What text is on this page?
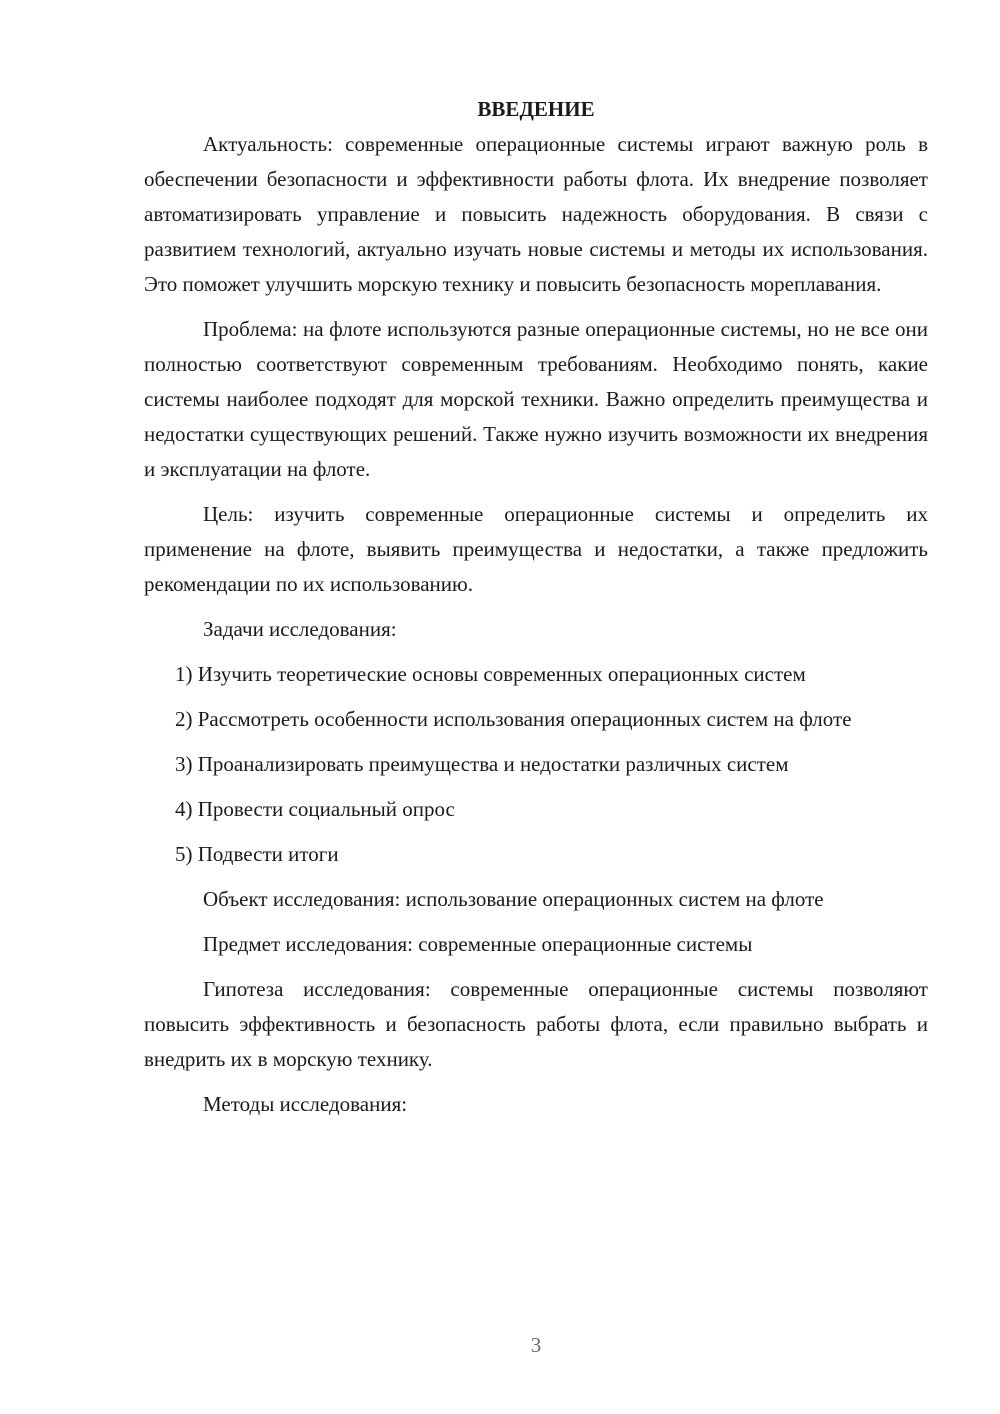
ВВЕДЕНИЕ

Актуальность: современные операционные системы играют важную роль в обеспечении безопасности и эффективности работы флота. Их внедрение позволяет автоматизировать управление и повысить надежность оборудования. В связи с развитием технологий, актуально изучать новые системы и методы их использования. Это поможет улучшить морскую технику и повысить безопасность мореплавания.

Проблема: на флоте используются разные операционные системы, но не все они полностью соответствуют современным требованиям. Необходимо понять, какие системы наиболее подходят для морской техники. Важно определить преимущества и недостатки существующих решений. Также нужно изучить возможности их внедрения и эксплуатации на флоте.

Цель: изучить современные операционные системы и определить их применение на флоте, выявить преимущества и недостатки, а также предложить рекомендации по их использованию.

Задачи исследования:

1) Изучить теоретические основы современных операционных систем

2) Рассмотреть особенности использования операционных систем на флоте

3) Проанализировать преимущества и недостатки различных систем

4) Провести социальный опрос

5) Подвести итоги

Объект исследования: использование операционных систем на флоте

Предмет исследования: современные операционные системы

Гипотеза исследования: современные операционные системы позволяют повысить эффективность и безопасность работы флота, если правильно выбрать и внедрить их в морскую технику.

Методы исследования:

3
